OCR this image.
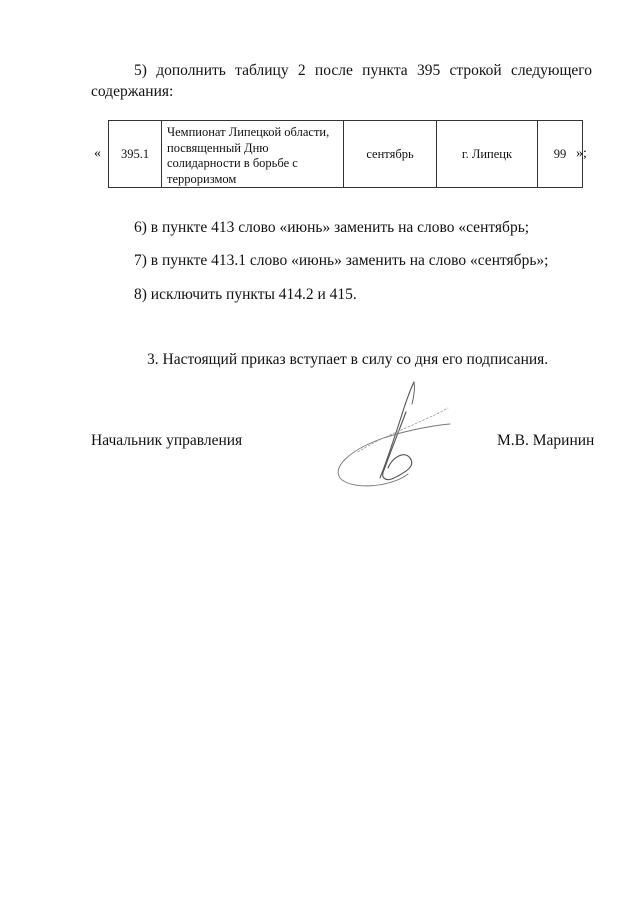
5) дополнить таблицу 2 после пункта 395 строкой следующего
содержания:
« 395.1	Чемпионат Липецкой области, посвященный Дню солидарности в борьбе с терроризмом	сентябрь	г. Липецк	99 »;
6) в пункте 413 слово «июнь» заменить на слово «сентябрь;
7) в пункте 413.1 слово «июнь» заменить на слово «сентябрь»;
8) исключить пункты 414.2 и 415.
3. Настоящий приказ вступает в силу со дня его подписания.
Начальник управления	М.В. Маринин
